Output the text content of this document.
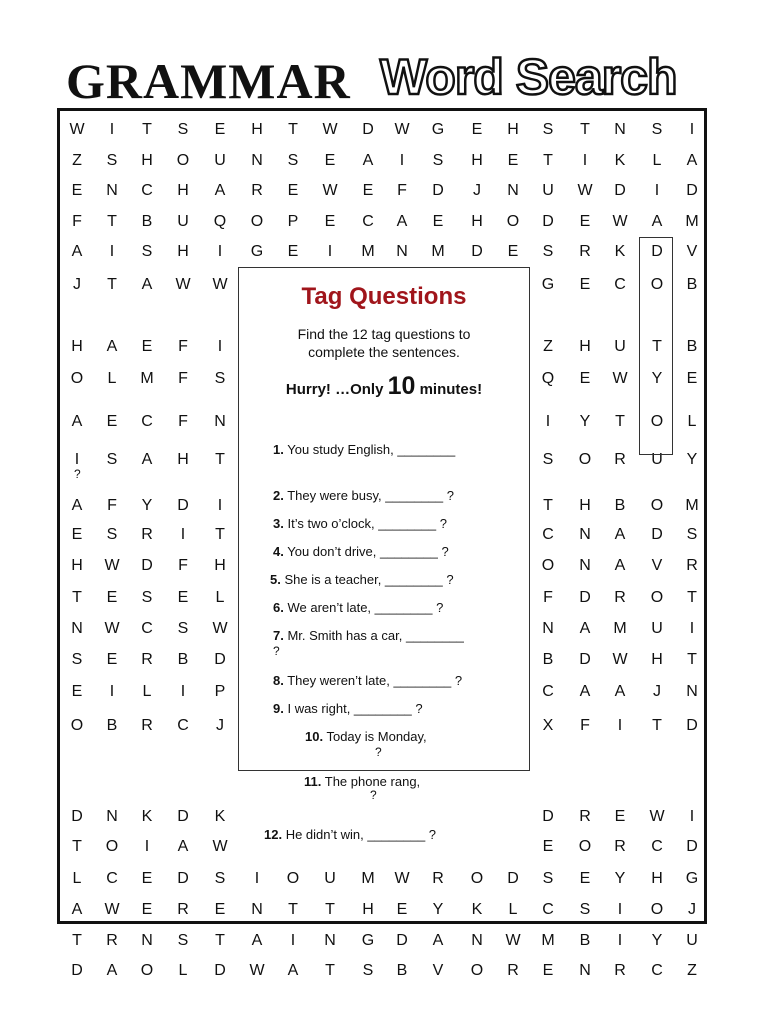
GRAMMAR Word Search
W	I	T	S	E	H	T	W	D	W	G	E	H	S	T	N	S	I
Z	S	H	O	U	N	S	E	A	I	S	H	E	T	I	K	L	A
E	N	C	H	A	R	E	W	E	F	D	J	N	U	W	D	I	D
F	T	B	U	Q	O	P	E	C	A	E	H	O	D	E	W	A	M
A	I	S	H	I	G	E	I	M	N	M	D	E	S	R	K	D	V
J	T	A	W W	G	E	C	O	B
H	A	E	F	I	Z	H	U	T	B
O	L	M	F	S	Q	E	W	Y	E
A	E	C	F	N	I	Y	T	O	L
I	S	A	H	T	S	O	R	U	Y
A	F	Y	D	I	T	H	B	O	M
E	S	R	I	T	C	N	A	D	S
H	W	D	F	H	O	N	A	V	R
T	E	S	E	L	F	D	R	O	T
N	W	C	S	W	N	A	M	U	I
S	E	R	B	D	B	D	W	H	T
E	I	L	I	P	C	A	A	J	N
O	B	R	C	J	X	F	I	T	D
D	N	K	D	K	D	R	E	W	I
T	O	I	A	W	E	O	R	C	D
L	C	E	D	S	I	O	U	M	W	R	O	D	S	E	Y	H	G
A	W	E	R	E	N	T	T	H	E	Y	K	L	C	S	I	O	J
T	R	N	S	T	A	I	N	G	D	A	N	W	M	B	I	Y	U
D	A	O	L	D	W	A	T	S	B	V	O	R	E	N	R	C	Z
?
Tag Questions
Find the 12 tag questions to
complete the sentences.
Hurry! …Only 10 minutes!
1. You study English, ________
2. They were busy, ________ ?
3. It’s two o’clock, ________ ?
4. You don’t drive, ________ ?
5. She is a teacher, ________ ?
6. We aren’t late, ________ ?
7. Mr. Smith has a car, ________
?
8. They weren’t late, ________ ?
9. I was right, ________ ?
10. Today is Monday,
?
11. The phone rang,
?
12. He didn’t win, ________ ?
